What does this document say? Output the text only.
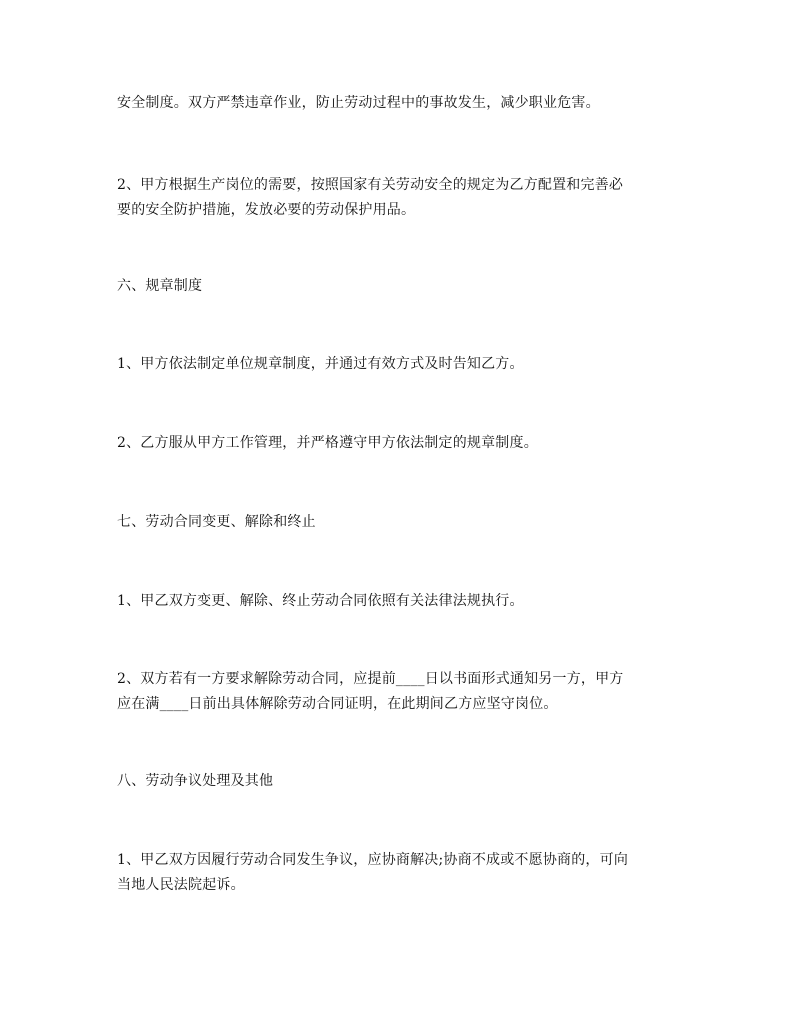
安全制度。双方严禁违章作业，防止劳动过程中的事故发生，减少职业危害。
2、甲方根据生产岗位的需要，按照国家有关劳动安全的规定为乙方配置和完善必
要的安全防护措施，发放必要的劳动保护用品。
六、规章制度
1、甲方依法制定单位规章制度，并通过有效方式及时告知乙方。
2、乙方服从甲方工作管理，并严格遵守甲方依法制定的规章制度。
七、劳动合同变更、解除和终止
1、甲乙双方变更、解除、终止劳动合同依照有关法律法规执行。
2、双方若有一方要求解除劳动合同，应提前____日以书面形式通知另一方，甲方
应在满____日前出具体解除劳动合同证明，在此期间乙方应坚守岗位。
八、劳动争议处理及其他
1、甲乙双方因履行劳动合同发生争议，应协商解决;协商不成或不愿协商的，可向
当地人民法院起诉。
